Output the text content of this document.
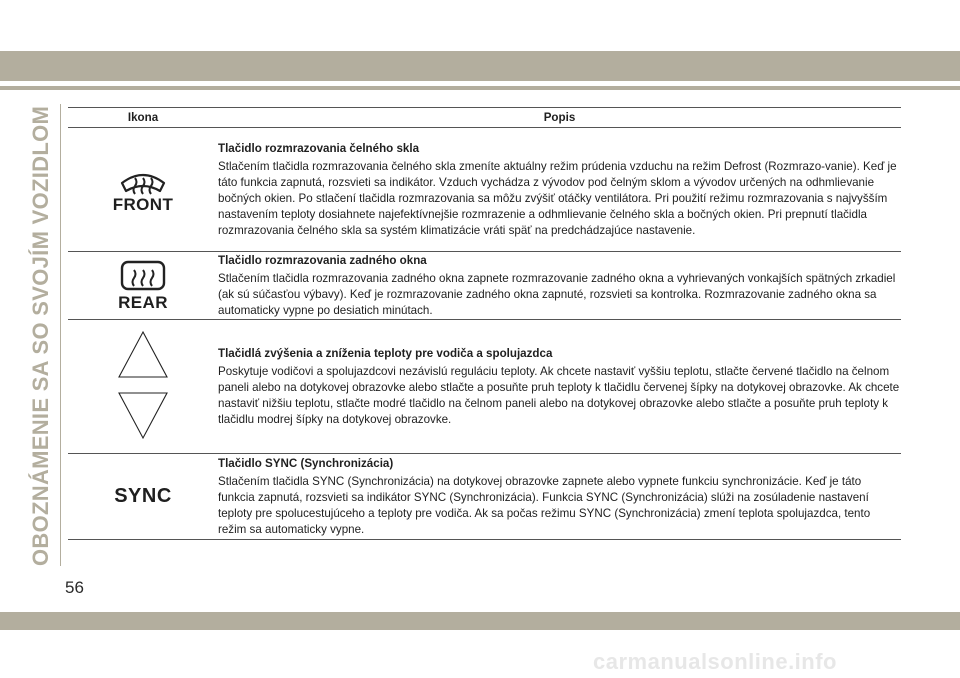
OBOZNÁMENIE SA SO SVOJÍM VOZIDLOM	Ikona	Popis

FRONT	Tlačidlo rozmrazovania čelného skla
Stlačením tlačidla rozmrazovania čelného skla zmeníte aktuálny režim prúdenia vzduchu na režim Defrost (Rozmrazo-vanie). Keď je táto funkcia zapnutá, rozsvieti sa indikátor. Vzduch vychádza z vývodov pod čelným sklom a vývodov určených na odhmlievanie bočných okien. Po stlačení tlačidla rozmrazovania sa môžu zvýšiť otáčky ventilátora. Pri použití režimu rozmrazovania s najvyšším nastavením teploty dosiahnete najefektívnejšie rozmrazenie a odhmlievanie čelného skla a bočných okien. Pri prepnutí tlačidla rozmrazovania čelného skla sa systém klimatizácie vráti späť na predchádzajúce nastavenie.

REAR	Tlačidlo rozmrazovania zadného okna
Stlačením tlačidla rozmrazovania zadného okna zapnete rozmrazovanie zadného okna a vyhrievaných vonkajších spätných zrkadiel (ak sú súčasťou výbavy). Keď je rozmrazovanie zadného okna zapnuté, rozsvieti sa kontrolka. Rozmrazovanie zadného okna sa automaticky vypne po desiatich minútach.

Tlačidlá zvýšenia a zníženia teploty pre vodiča a spolujazdca
Poskytuje vodičovi a spolujazdcovi nezávislú reguláciu teploty. Ak chcete nastaviť vyššiu teplotu, stlačte červené tlačidlo na čelnom paneli alebo na dotykovej obrazovke alebo stlačte a posuňte pruh teploty k tlačidlu červenej šípky na dotykovej obrazovke. Ak chcete nastaviť nižšiu teplotu, stlačte modré tlačidlo na čelnom paneli alebo na dotykovej obrazovke alebo stlačte a posuňte pruh teploty k tlačidlu modrej šípky na dotykovej obrazovke.

SYNC	Tlačidlo SYNC (Synchronizácia)
Stlačením tlačidla SYNC (Synchronizácia) na dotykovej obrazovke zapnete alebo vypnete funkciu synchronizácie. Keď je táto funkcia zapnutá, rozsvieti sa indikátor SYNC (Synchronizácia). Funkcia SYNC (Synchronizácia) slúži na zosúladenie nastavení teploty pre spolucestujúceho a teploty pre vodiča. Ak sa počas režimu SYNC (Synchronizácia) zmení teplota spolujazdca, tento režim sa automaticky vypne.
56
carmanualsonline.info
